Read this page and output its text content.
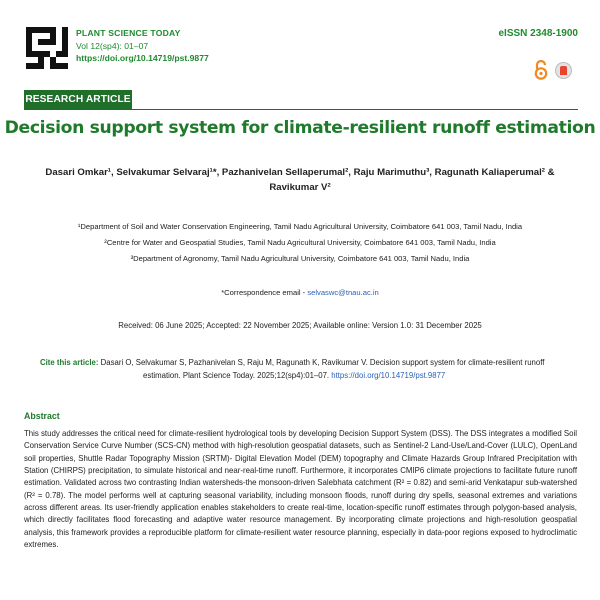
PLANT SCIENCE TODAY
Vol 12(sp4): 01–07
https://doi.org/10.14719/pst.9877
eISSN 2348-1900
RESEARCH ARTICLE
Decision support system for climate-resilient runoff estimation
Dasari Omkar¹, Selvakumar Selvaraj¹*, Pazhanivelan Sellaperumal², Raju Marimuthu³, Ragunath Kaliaperumal² &
Ravikumar V²
¹Department of Soil and Water Conservation Engineering, Tamil Nadu Agricultural University, Coimbatore 641 003, Tamil Nadu, India
²Centre for Water and Geospatial Studies, Tamil Nadu Agricultural University, Coimbatore 641 003, Tamil Nadu, India
³Department of Agronomy, Tamil Nadu Agricultural University, Coimbatore 641 003, Tamil Nadu, India
*Correspondence email - selvaswc@tnau.ac.in
Received: 06 June 2025; Accepted: 22 November 2025; Available online: Version 1.0: 31 December 2025
Cite this article: Dasari O, Selvakumar S, Pazhanivelan S, Raju M, Ragunath K, Ravikumar V. Decision support system for climate-resilient runoff
estimation. Plant Science Today. 2025;12(sp4):01–07. https://doi.org/10.14719/pst.9877
Abstract
This study addresses the critical need for climate-resilient hydrological tools by developing Decision Support System (DSS). The DSS integrates a modified Soil Conservation Service Curve Number (SCS-CN) method with high-resolution geospatial datasets, such as Sentinel-2 Land-Use/Land-Cover (LULC), OpenLand soil properties, Shuttle Radar Topography Mission (SRTM)- Digital Elevation Model (DEM) topography and Climate Hazards Group Infrared Precipitation with Station (CHIRPS) precipitation, to simulate historical and near-real-time runoff. Furthermore, it incorporates CMIP6 climate projections to facilitate future runoff estimation. Validated across two contrasting Indian watersheds-the monsoon-driven Salebhata catchment (R² = 0.82) and semi-arid Venkatapur sub-watershed (R² = 0.78). The model performs well at capturing seasonal variability, including monsoon floods, runoff during dry spells, seasonal extremes and variations across different areas. Its user-friendly application enables stakeholders to create real-time, location-specific runoff estimates through polygon-based analysis, which directly facilitates flood forecasting and adaptive water resource management. By incorporating climate projections and high-resolution geospatial analysis, this framework provides a reproducible platform for climate-resilient water resource planning, especially in data-poor regions exposed to hydroclimatic extremes.
